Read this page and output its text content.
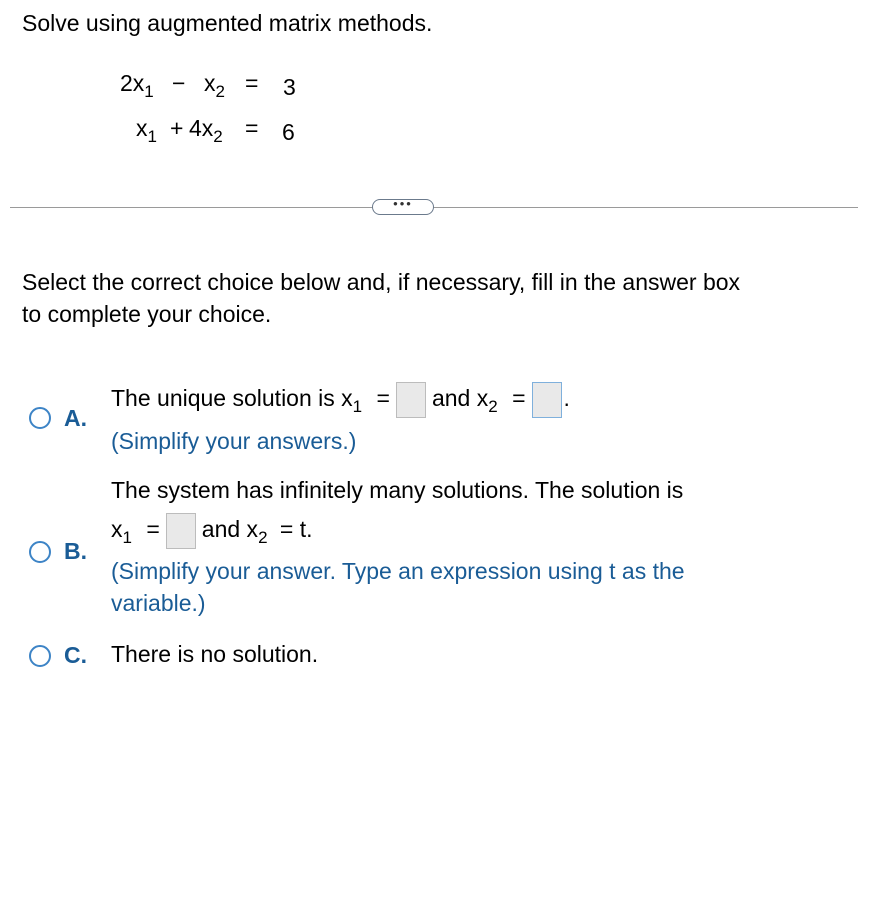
Solve using augmented matrix methods.
$2x_1 - x_2 = 3$
$x_1 + 4x_2 = 6$
•••
Select the correct choice below and, if necessary, fill in the answer box
to complete your choice.
A.
The unique solution is $x_1$ = and $x_2$ = .
(Simplify your answers.)
B.
The system has infinitely many solutions. The solution is
$x_1$ = and $x_2 = t$.
(Simplify your answer. Type an expression using t as the
variable.)
C. There is no solution.
